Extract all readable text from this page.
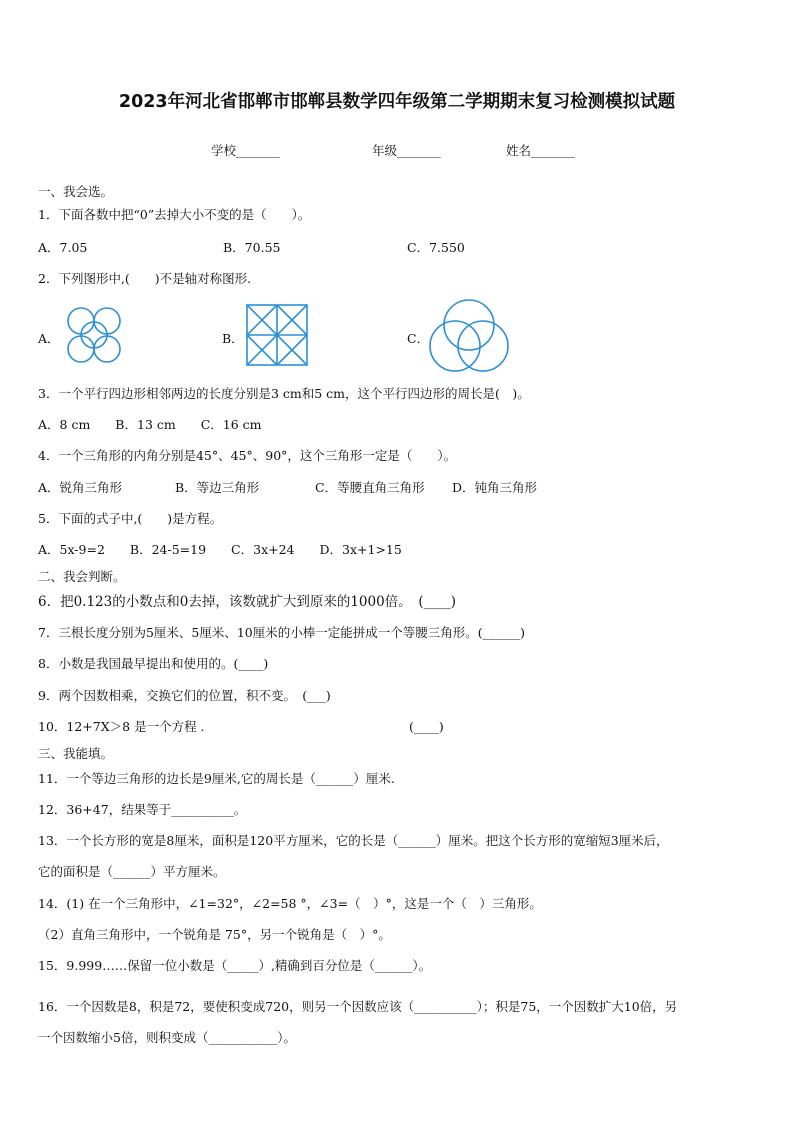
2023年河北省邯郸市邯郸县数学四年级第二学期期末复习检测模拟试题
学校_______	年级_______	姓名_______
一、我会选。
1．下面各数中把“0”去掉大小不变的是（　　）。
A．7.05	B．70.55	C．7.550
2．下列图形中,(　　)不是轴对称图形.
A．	B．	C．
3．一个平行四边形相邻两边的长度分别是3 cm和5 cm，这个平行四边形的周长是(　)。
A．8 cm　　B．13 cm　　C．16 cm
4．一个三角形的内角分别是45°、45°、90°，这个三角形一定是（　　）。
A．锐角三角形	B．等边三角形	C．等腰直角三角形 D．钝角三角形
5．下面的式子中,(　　)是方程。
A．5x-9=2　　B．24-5=19　　C．3x+24　　D．3x+1>15
二、我会判断。
6．把0.123的小数点和0去掉，该数就扩大到原来的1000倍。　(____)
7．三根长度分别为5厘米、5厘米、10厘米的小棒一定能拼成一个等腰三角形。(______)
8．小数是我国最早提出和使用的。(____)
9．两个因数相乘，交换它们的位置，积不变。　(___)
10．12+7X＞8 是一个方程 .	(____)
三、我能填。
11．一个等边三角形的边长是9厘米,它的周长是（______）厘米.
12．36+47，结果等于__________。
13．一个长方形的宽是8厘米，面积是120平方厘米，它的长是（______）厘米。把这个长方形的宽缩短3厘米后，
它的面积是（______）平方厘米。
14．(1) 在一个三角形中，∠1=32°，∠2=58 °，∠3=（　）°，这是一个（　）三角形。
（2）直角三角形中，一个锐角是 75°，另一个锐角是（　）°。
15．9.999……保留一位小数是（_____）,精确到百分位是（______）。
16．一个因数是8，积是72，要使积变成720，则另一个因数应该（__________）；积是75，一个因数扩大10倍，另
一个因数缩小5倍，则积变成（___________）。
